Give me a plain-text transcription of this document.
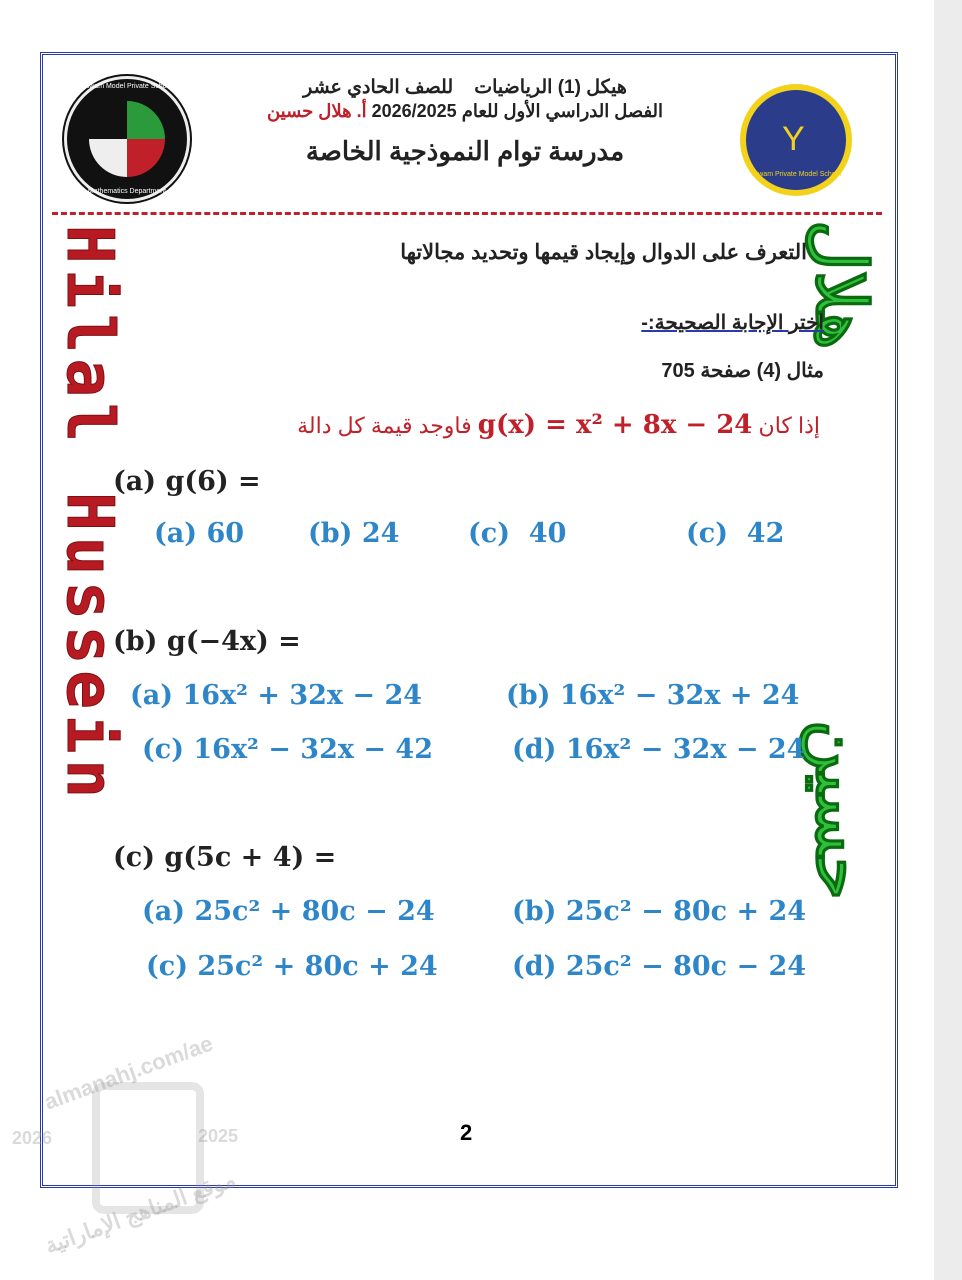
Tawam Model Private School
Mathematics Department
Tawam Private Model School
Y
هيكل (1) الرياضيات    للصف الحادي عشر
الفصل الدراسي الأول للعام 2026/2025 أ. هلال حسين
مدرسة توام النموذجية الخاصة
Hilal Hussein	هلال
حسين
التعرف على الدوال وإيجاد قيمها وتحديد مجالاتها
اختر الإجابة الصحيحة:-
مثال (4) صفحة 705
إذا كان g(x) = x² + 8x − 24 فاوجد قيمة كل دالة
(a) g(6) =
(a) 60 (b) 24	(c)  40	(c)  42
(b) g(−4x) =
(a) 16x² + 32x − 24	(b) 16x² − 32x + 24
(c) 16x² − 32x − 42	(d) 16x² − 32x − 24
(c) g(5c + 4) =
(a) 25c² + 80c − 24	(b) 25c² − 80c + 24
(c) 25c² + 80c + 24	(d) 25c² − 80c − 24
2
almanahj.com/ae
2026	2025
موقع المناهج الإماراتية
